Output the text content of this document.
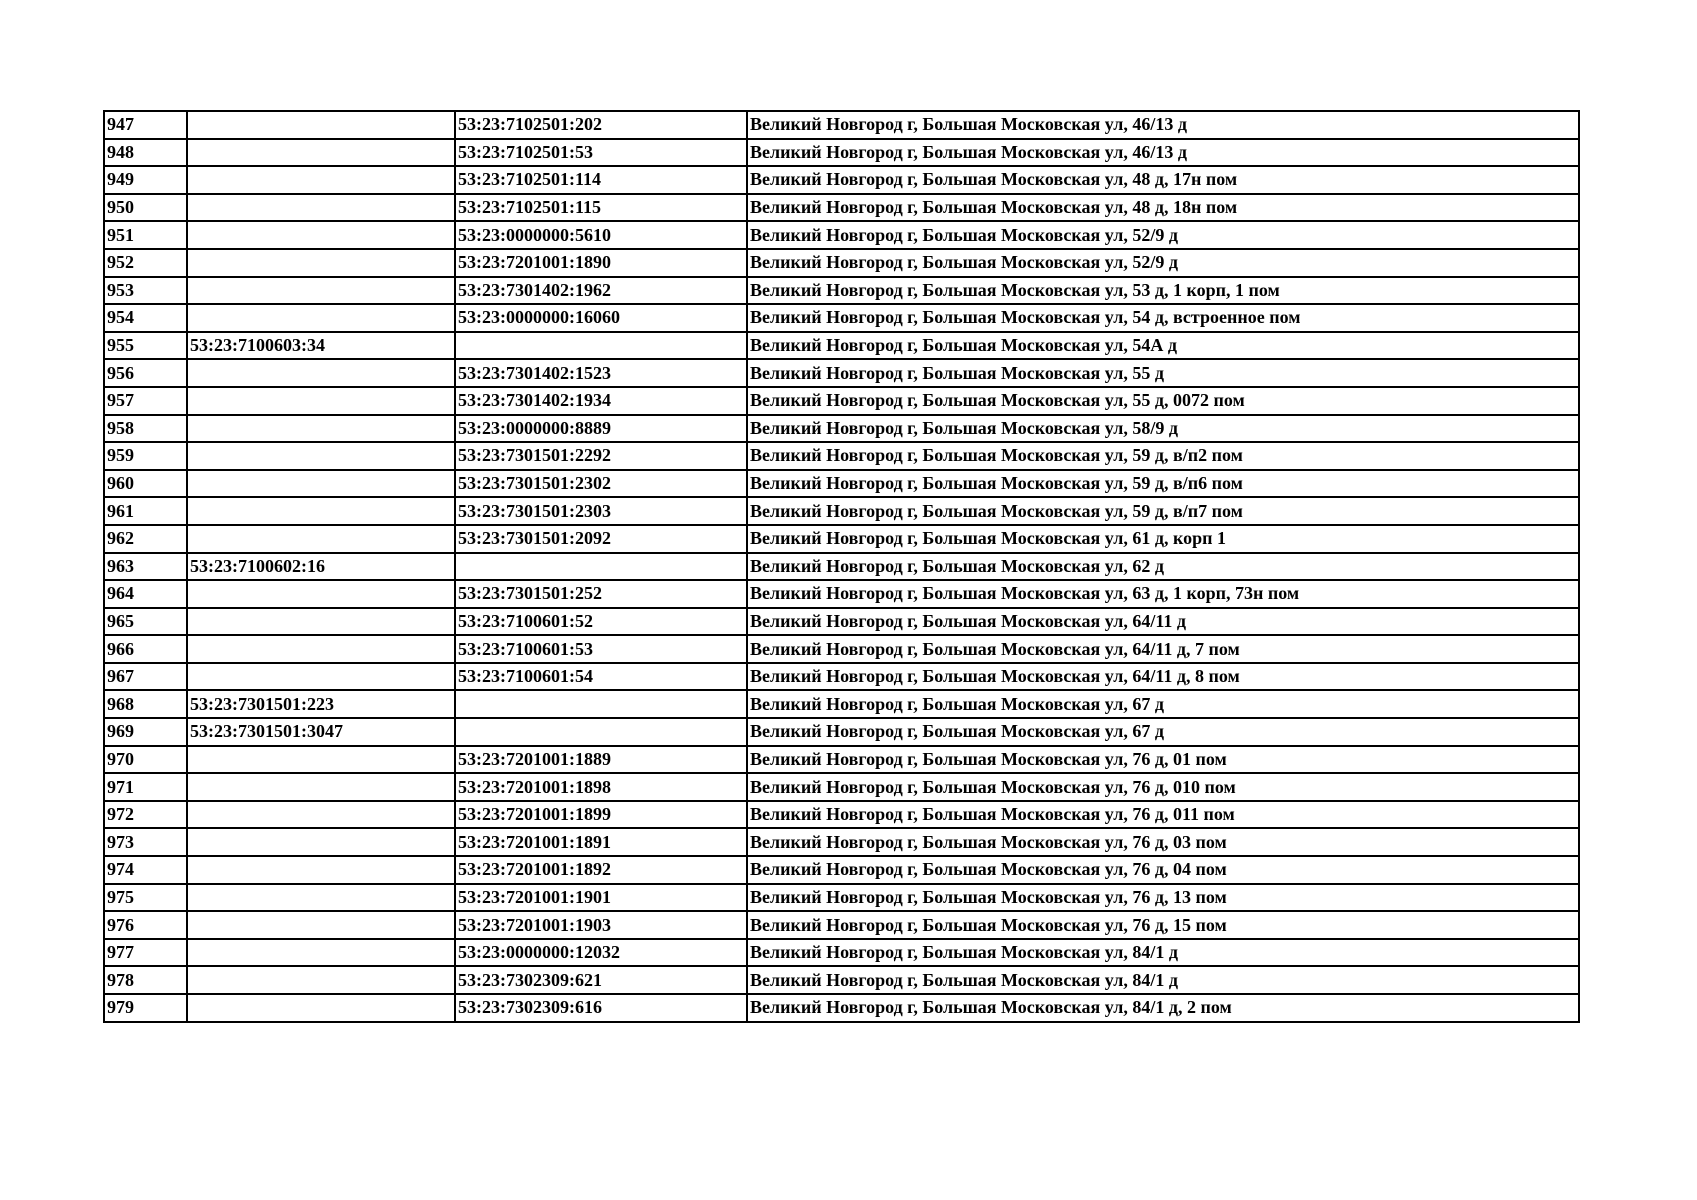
947		53:23:7102501:202	Великий Новгород г, Большая Московская ул, 46/13 д
948		53:23:7102501:53	Великий Новгород г, Большая Московская ул, 46/13 д
949		53:23:7102501:114	Великий Новгород г, Большая Московская ул, 48 д, 17н пом
950		53:23:7102501:115	Великий Новгород г, Большая Московская ул, 48 д, 18н пом
951		53:23:0000000:5610	Великий Новгород г, Большая Московская ул, 52/9 д
952		53:23:7201001:1890	Великий Новгород г, Большая Московская ул, 52/9 д
953		53:23:7301402:1962	Великий Новгород г, Большая Московская ул, 53 д, 1 корп, 1 пом
954		53:23:0000000:16060	Великий Новгород г, Большая Московская ул, 54 д, встроенное пом
955	53:23:7100603:34		Великий Новгород г, Большая Московская ул, 54А д
956		53:23:7301402:1523	Великий Новгород г, Большая Московская ул, 55 д
957		53:23:7301402:1934	Великий Новгород г, Большая Московская ул, 55 д, 0072 пом
958		53:23:0000000:8889	Великий Новгород г, Большая Московская ул, 58/9 д
959		53:23:7301501:2292	Великий Новгород г, Большая Московская ул, 59 д, в/п2 пом
960		53:23:7301501:2302	Великий Новгород г, Большая Московская ул, 59 д, в/п6 пом
961		53:23:7301501:2303	Великий Новгород г, Большая Московская ул, 59 д, в/п7 пом
962		53:23:7301501:2092	Великий Новгород г, Большая Московская ул, 61 д, корп 1
963	53:23:7100602:16		Великий Новгород г, Большая Московская ул, 62 д
964		53:23:7301501:252	Великий Новгород г, Большая Московская ул, 63 д, 1 корп, 73н пом
965		53:23:7100601:52	Великий Новгород г, Большая Московская ул, 64/11 д
966		53:23:7100601:53	Великий Новгород г, Большая Московская ул, 64/11 д, 7 пом
967		53:23:7100601:54	Великий Новгород г, Большая Московская ул, 64/11 д, 8 пом
968	53:23:7301501:223		Великий Новгород г, Большая Московская ул, 67 д
969	53:23:7301501:3047		Великий Новгород г, Большая Московская ул, 67 д
970		53:23:7201001:1889	Великий Новгород г, Большая Московская ул, 76 д, 01 пом
971		53:23:7201001:1898	Великий Новгород г, Большая Московская ул, 76 д, 010 пом
972		53:23:7201001:1899	Великий Новгород г, Большая Московская ул, 76 д, 011 пом
973		53:23:7201001:1891	Великий Новгород г, Большая Московская ул, 76 д, 03 пом
974		53:23:7201001:1892	Великий Новгород г, Большая Московская ул, 76 д, 04 пом
975		53:23:7201001:1901	Великий Новгород г, Большая Московская ул, 76 д, 13 пом
976		53:23:7201001:1903	Великий Новгород г, Большая Московская ул, 76 д, 15 пом
977		53:23:0000000:12032	Великий Новгород г, Большая Московская ул, 84/1 д
978		53:23:7302309:621	Великий Новгород г, Большая Московская ул, 84/1 д
979		53:23:7302309:616	Великий Новгород г, Большая Московская ул, 84/1 д, 2 пом
